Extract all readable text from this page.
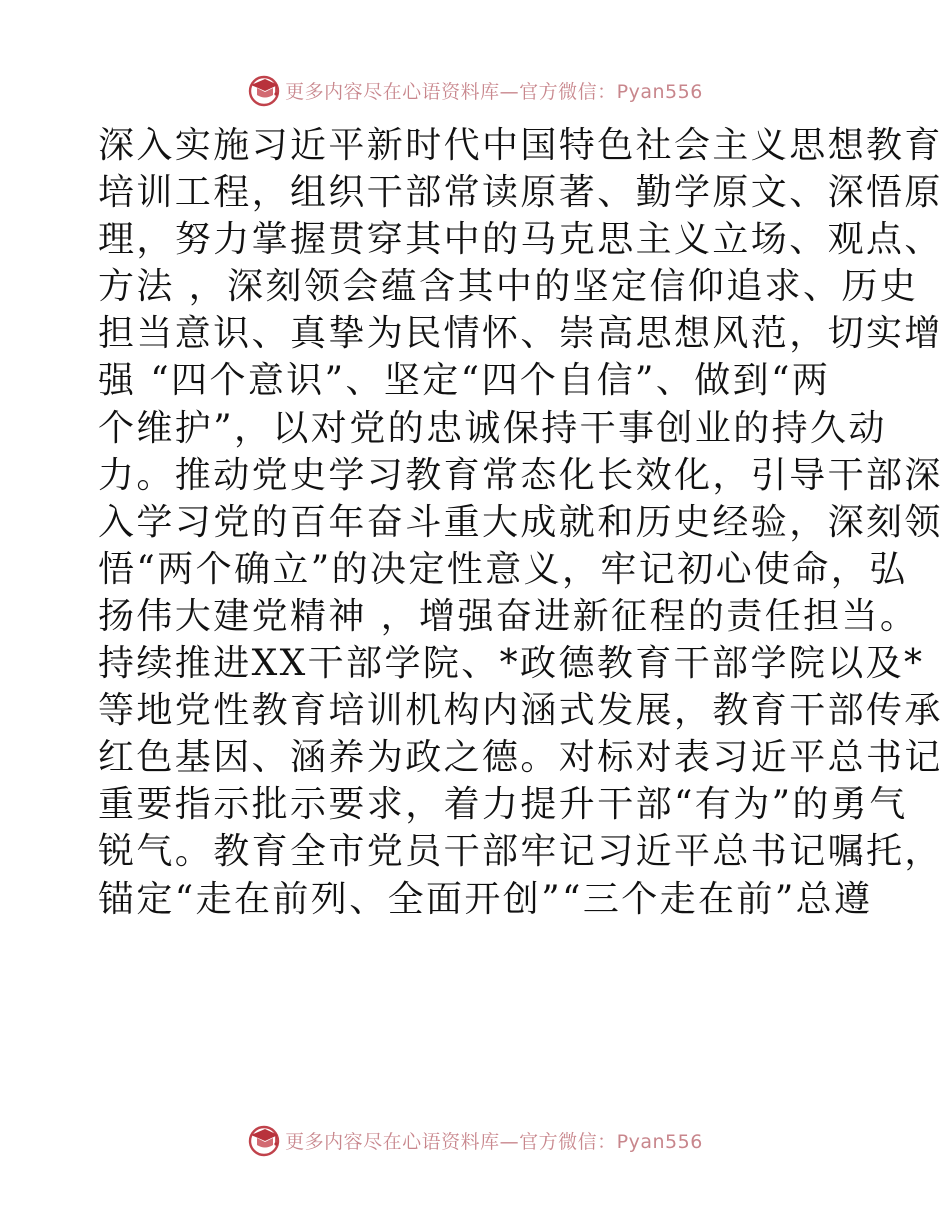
更多内容尽在心语资料库—官方微信：Pyan556
深入实施习近平新时代中国特色社会主义思想教育
培训工程，组织干部常读原著、勤学原文、深悟原
理，努力掌握贯穿其中的马克思主义立场、观点、
方法 ，深刻领会蕴含其中的坚定信仰追求、历史
担当意识、真挚为民情怀、崇高思想风范，切实增
强 “四个意识”、坚定“四个自信”、做到“两
个维护”，以对党的忠诚保持干事创业的持久动
力。推动党史学习教育常态化长效化，引导干部深
入学习党的百年奋斗重大成就和历史经验，深刻领
悟“两个确立”的决定性意义，牢记初心使命，弘
扬伟大建党精神 ，增强奋进新征程的责任担当。
持续推进XX干部学院、*政德教育干部学院以及*
等地党性教育培训机构内涵式发展，教育干部传承
红色基因、涵养为政之德。对标对表习近平总书记
重要指示批示要求，着力提升干部“有为”的勇气
锐气。教育全市党员干部牢记习近平总书记嘱托，
锚定“走在前列、全面开创”“三个走在前”总遵
更多内容尽在心语资料库—官方微信：Pyan556
